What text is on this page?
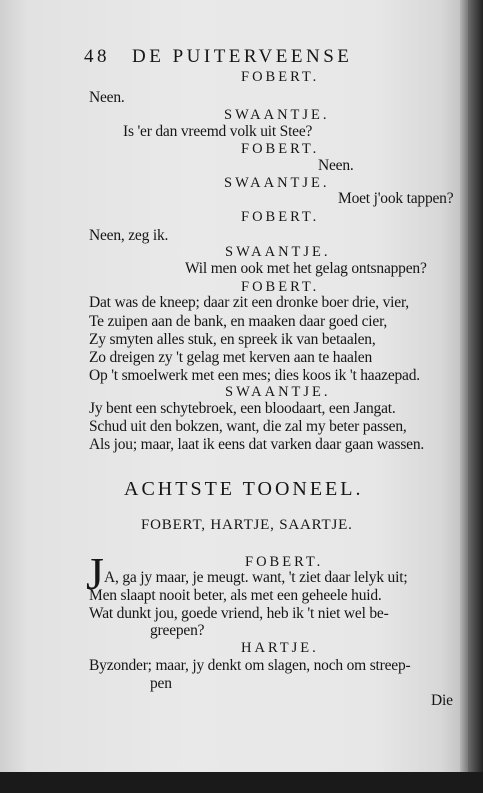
48 DE PUITERVEENSE
FOBERT.
Neen.
SWAANTJE.
Is 'er dan vreemd volk uit Stee?
FOBERT.
Neen.
SWAANTJE.
Moet j'ook tappen?
FOBERT.
Neen, zeg ik.
SWAANTJE.
Wil men ook met het gelag ontsnappen?
FOBERT.
Dat was de kneep; daar zit een dronke boer drie, vier,
Te zuipen aan de bank, en maaken daar goed cier,
Zy smyten alles stuk, en spreek ik van betaalen,
Zo dreigen zy 't gelag met kerven aan te haalen
Op 't smoelwerk met een mes; dies koos ik 't haazepad.
SWAANTJE.
Jy bent een schytebroek, een bloodaart, een Jangat.
Schud uit den bokzen, want, die zal my beter passen,
Als jou; maar, laat ik eens dat varken daar gaan wassen.
ACHTSTE TOONEEL.
FOBERT, HARTJE, SAARTJE.
FOBERT.
J A, ga jy maar, je meugt. want, 't ziet daar lelyk uit;
Men slaapt nooit beter, als met een geheele huid.
Wat dunkt jou, goede vriend, heb ik 't niet wel be-
greepen?
HARTJE.
Byzonder; maar, jy denkt om slagen, noch om streep-
pen
Die
